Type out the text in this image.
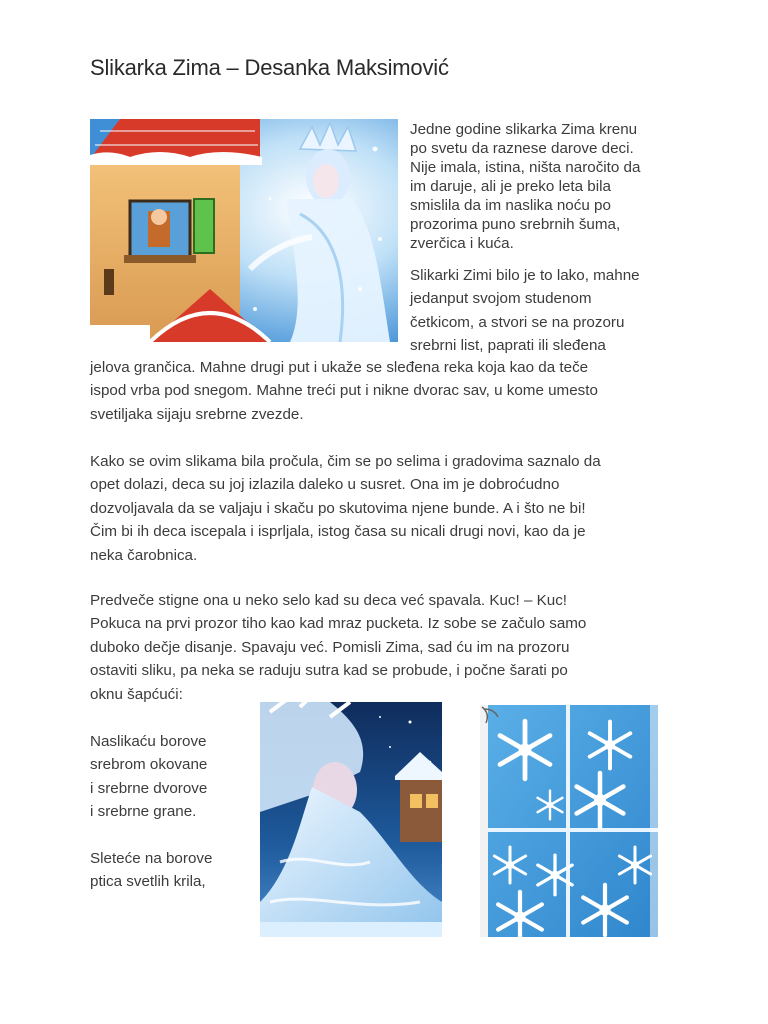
Slikarka Zima – Desanka Maksimović
Jedne godine slikarka Zima krenu
po svetu da raznese darove deci.
Nije imala, istina, ništa naročito da
im daruje, ali je preko leta bila
smislila da im naslika noću po
prozorima puno srebrnih šuma,
zverčica i kuća.
Slikarki Zimi bilo je to lako, mahne
jedanput svojom studenom
četkicom, a stvori se na prozoru
srebrni list, paprati ili sleđena
jelova grančica. Mahne drugi put i ukaže se sleđena reka koja kao da teče
ispod vrba pod snegom. Mahne treći put i nikne dvorac sav, u kome umesto
svetiljaka sijaju srebrne zvezde.
Kako se ovim slikama bila pročula, čim se po selima i gradovima saznalo da
opet dolazi, deca su joj izlazila daleko u susret. Ona im je dobroćudno
dozvoljavala da se valjaju i skaču po skutovima njene bunde. A i što ne bi!
Čim bi ih deca iscepala i isprljala, istog časa su nicali drugi novi, kao da je
neka čarobnica.
Predveče stigne ona u neko selo kad su deca već spavala. Kuc! – Kuc!
Pokuca na prvi prozor tiho kao kad mraz pucketa. Iz sobe se začulo samo
duboko dečje disanje. Spavaju već. Pomisli Zima, sad ću im na prozoru
ostaviti sliku, pa neka se raduju sutra kad se probude, i počne šarati po
oknu šapćući:
Naslikaću borove
srebrom okovane
i srebrne dvorove
i srebrne grane.
Sleteće na borove
ptica svetlih krila,
